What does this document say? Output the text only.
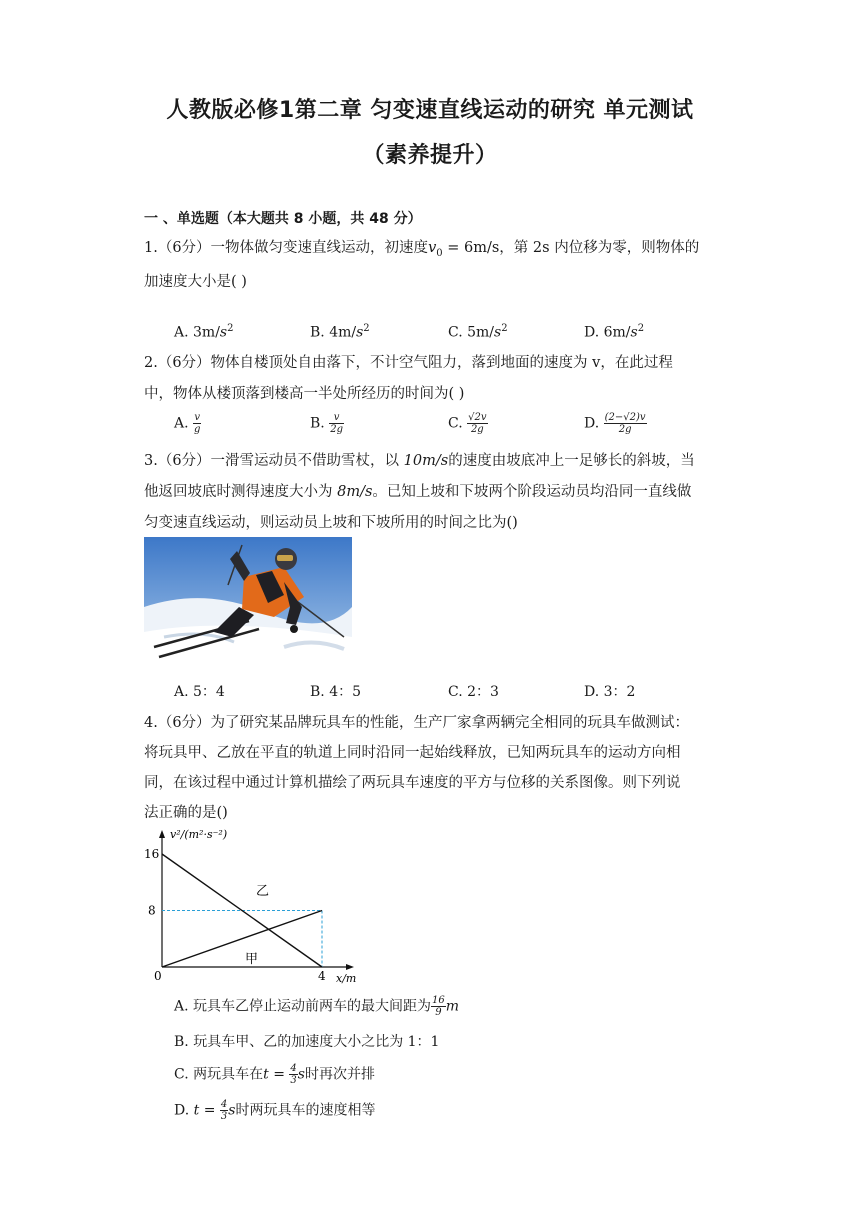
人教版必修1第二章 匀变速直线运动的研究 单元测试
（素养提升）
一 、单选题（本大题共 8 小题，共 48 分）
1.（6分）一物体做匀变速直线运动，初速度$v_0 = 6m/s$，第 2s 内位移为零，则物体的
加速度大小是( )
A. $3m/s^2$	B. $4m/s^2$	C. $5m/s^2$	D. $6m/s^2$
2.（6分）物体自楼顶处自由落下，不计空气阻力，落到地面的速度为 v，在此过程
中，物体从楼顶落到楼高一半处所经历的时间为( )
A. $\frac{v}{g}$	B. $\frac{v}{2g}$	C. $\frac{√2v}{2g}$	D. $\frac{(2-√2)v}{2g}$
3.（6分）一滑雪运动员不借助雪杖，以 10m/s的速度由坡底冲上一足够长的斜坡，当
他返回坡底时测得速度大小为 8m/s。已知上坡和下坡两个阶段运动员均沿同一直线做
匀变速直线运动，则运动员上坡和下坡所用的时间之比为()
A. 5：4	B. 4：5	C. 2：3	D. 3：2
4.（6分）为了研究某品牌玩具车的性能，生产厂家拿两辆完全相同的玩具车做测试：
将玩具甲、乙放在平直的轨道上同时沿同一起始线释放，已知两玩具车的运动方向相
同，在该过程中通过计算机描绘了两玩具车速度的平方与位移的关系图像。则下列说
法正确的是()
v²/(m²·s⁻²)
x/m
0
16
8
4
乙
甲
A. 玩具车乙停止运动前两车的最大间距为 $\frac{16}{9}$ m
B. 玩具车甲、乙的加速度大小之比为 1：1
C. 两玩具车在$t = \frac{4}{3}$ s时再次并排
D. $t = \frac{4}{3}$ s时两玩具车的速度相等
